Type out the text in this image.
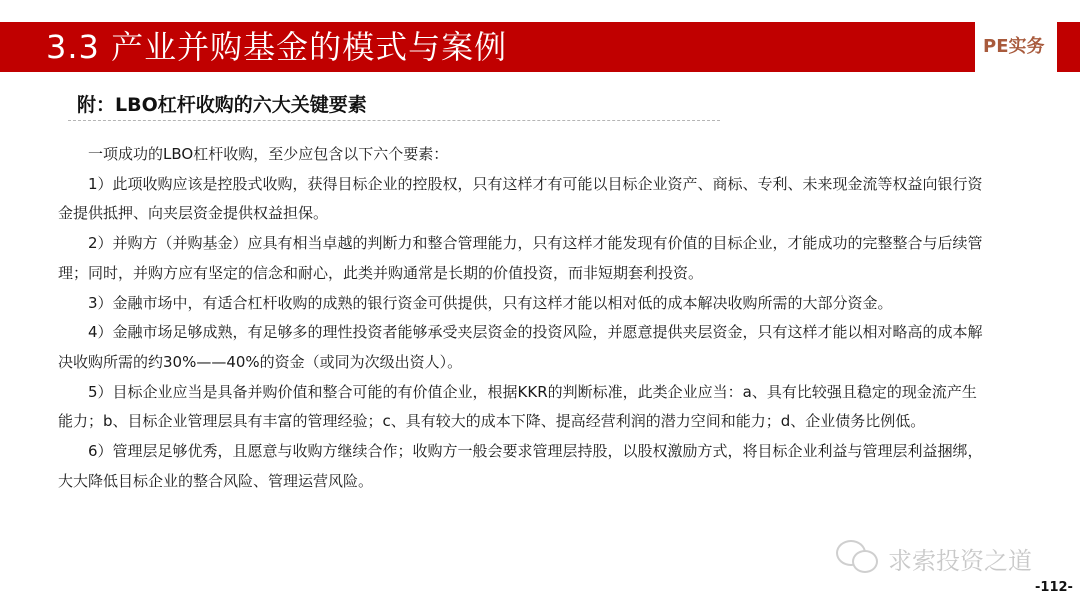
3.3 产业并购基金的模式与案例	PE实务
附：LBO杠杆收购的六大关键要素

一项成功的LBO杠杆收购，至少应包含以下六个要素：

1）此项收购应该是控股式收购，获得目标企业的控股权，只有这样才有可能以目标企业资产、商标、专利、未来现金流等权益向银行资金提供抵押、向夹层资金提供权益担保。

2）并购方（并购基金）应具有相当卓越的判断力和整合管理能力，只有这样才能发现有价值的目标企业，才能成功的完整整合与后续管理；同时，并购方应有坚定的信念和耐心，此类并购通常是长期的价值投资，而非短期套利投资。

3）金融市场中，有适合杠杆收购的成熟的银行资金可供提供，只有这样才能以相对低的成本解决收购所需的大部分资金。

4）金融市场足够成熟，有足够多的理性投资者能够承受夹层资金的投资风险，并愿意提供夹层资金，只有这样才能以相对略高的成本解决收购所需的约30%——40%的资金（或同为次级出资人）。

5）目标企业应当是具备并购价值和整合可能的有价值企业，根据KKR的判断标准，此类企业应当：a、具有比较强且稳定的现金流产生能力；b、目标企业管理层具有丰富的管理经验；c、具有较大的成本下降、提高经营利润的潜力空间和能力；d、企业债务比例低。

6）管理层足够优秀，且愿意与收购方继续合作；收购方一般会要求管理层持股，以股权激励方式，将目标企业利益与管理层利益捆绑，大大降低目标企业的整合风险、管理运营风险。

求索投资之道
-112-
